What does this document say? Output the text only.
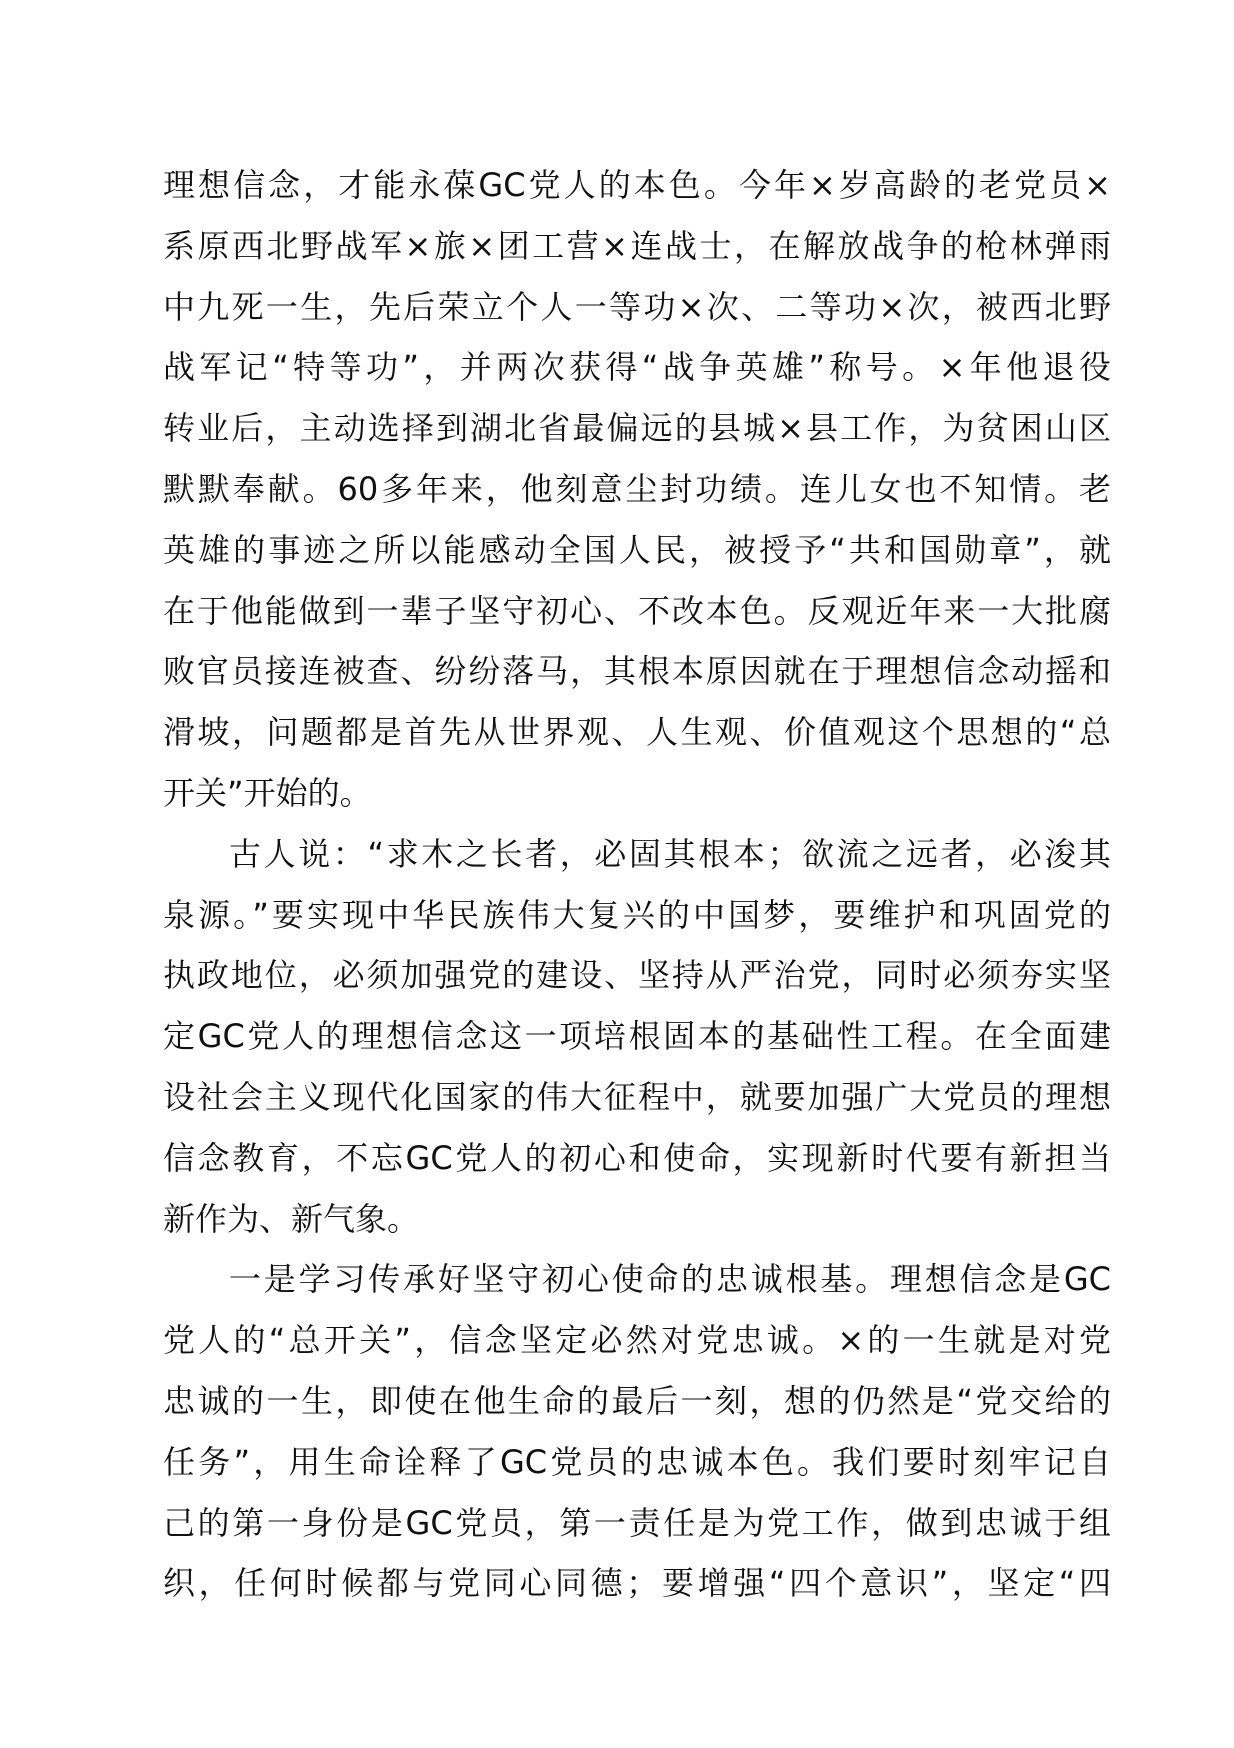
理想信念，才能永葆GC党人的本色。今年×岁高龄的老党员×
系原西北野战军×旅×团工营×连战士，在解放战争的枪林弹雨
中九死一生，先后荣立个人一等功×次、二等功×次，被西北野
战军记“特等功”，并两次获得“战争英雄”称号。×年他退役
转业后，主动选择到湖北省最偏远的县城×县工作，为贫困山区
默默奉献。60多年来，他刻意尘封功绩。连儿女也不知情。老
英雄的事迹之所以能感动全国人民，被授予“共和国勋章”，就
在于他能做到一辈子坚守初心、不改本色。反观近年来一大批腐
败官员接连被查、纷纷落马，其根本原因就在于理想信念动摇和
滑坡，问题都是首先从世界观、人生观、价值观这个思想的“总
开关”开始的。
古人说：“求木之长者，必固其根本；欲流之远者，必浚其
泉源。”要实现中华民族伟大复兴的中国梦，要维护和巩固党的
执政地位，必须加强党的建设、坚持从严治党，同时必须夯实坚
定GC党人的理想信念这一项培根固本的基础性工程。在全面建
设社会主义现代化国家的伟大征程中，就要加强广大党员的理想
信念教育，不忘GC党人的初心和使命，实现新时代要有新担当
新作为、新气象。
一是学习传承好坚守初心使命的忠诚根基。理想信念是GC
党人的“总开关”，信念坚定必然对党忠诚。×的一生就是对党
忠诚的一生，即使在他生命的最后一刻，想的仍然是“党交给的
任务”，用生命诠释了GC党员的忠诚本色。我们要时刻牢记自
己的第一身份是GC党员，第一责任是为党工作，做到忠诚于组
织，任何时候都与党同心同德；要增强“四个意识”，坚定“四
